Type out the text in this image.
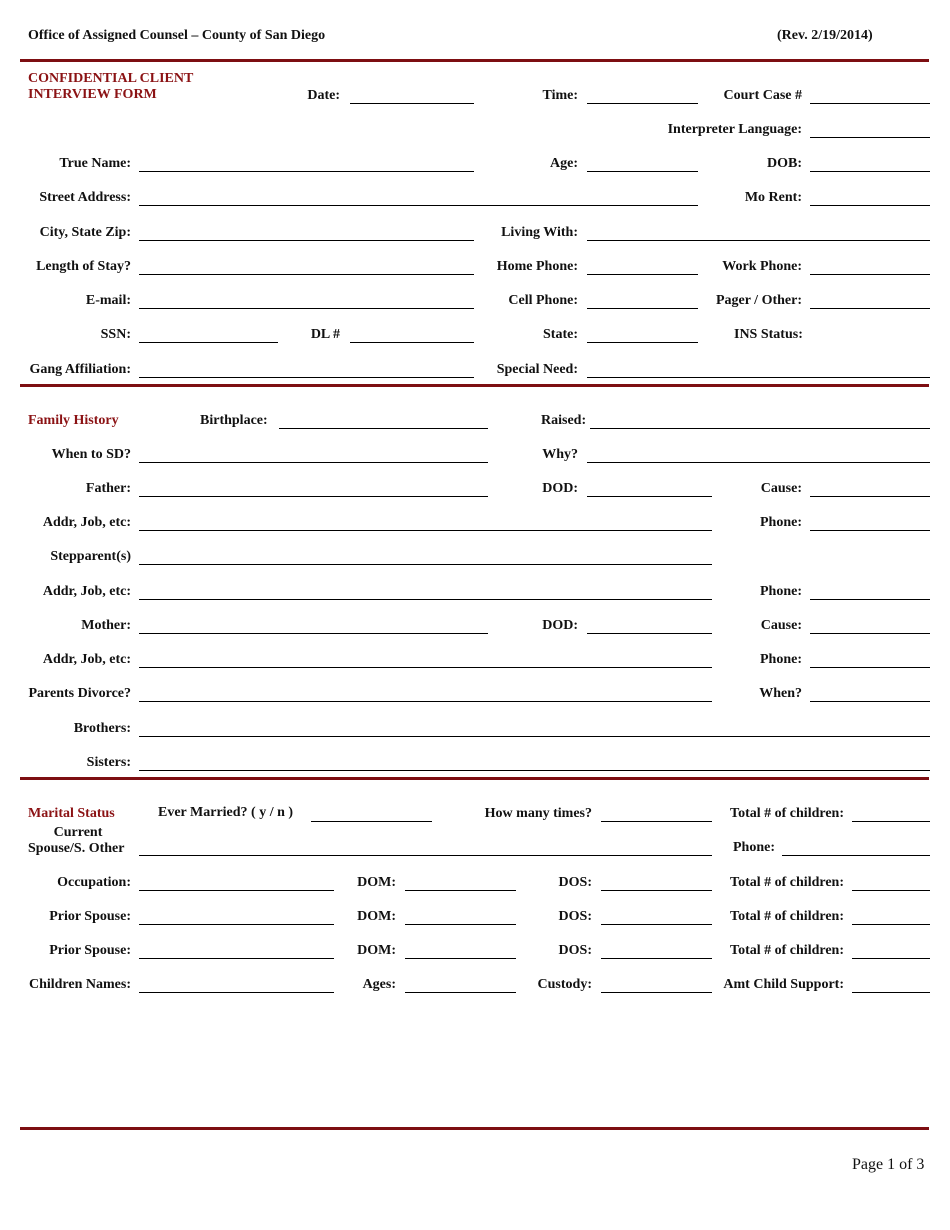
Office of Assigned Counsel – County of San Diego	(Rev. 2/19/2014)
CONFIDENTIAL CLIENT
INTERVIEW FORM	Date:	Time:	Court Case #
Interpreter Language:
True Name:	Age:	DOB:
Street Address:	Mo Rent:
City, State Zip:	Living With:
Length of Stay?	Home Phone:	Work Phone:
E-mail:	Cell Phone:	Pager / Other:
SSN:	DL #	State:	INS Status:
Gang Affiliation:	Special Need:
Family History	Birthplace:	Raised:
When to SD?	Why?
Father:	DOD:	Cause:
Addr, Job, etc:	Phone:
Stepparent(s)
Addr, Job, etc:	Phone:
Mother:	DOD:	Cause:
Addr, Job, etc:	Phone:
Parents Divorce?	When?
Brothers:
Sisters:
Marital Status	Ever Married? ( y / n )	How many times?	Total # of children:
Current
Spouse/S. Other	Phone:
Occupation:	DOM:	DOS:	Total # of children:
Prior Spouse:	DOM:	DOS:	Total # of children:
Prior Spouse:	DOM:	DOS:	Total # of children:
Children Names:	Ages:	Custody:	Amt Child Support:
Page 1 of 3
